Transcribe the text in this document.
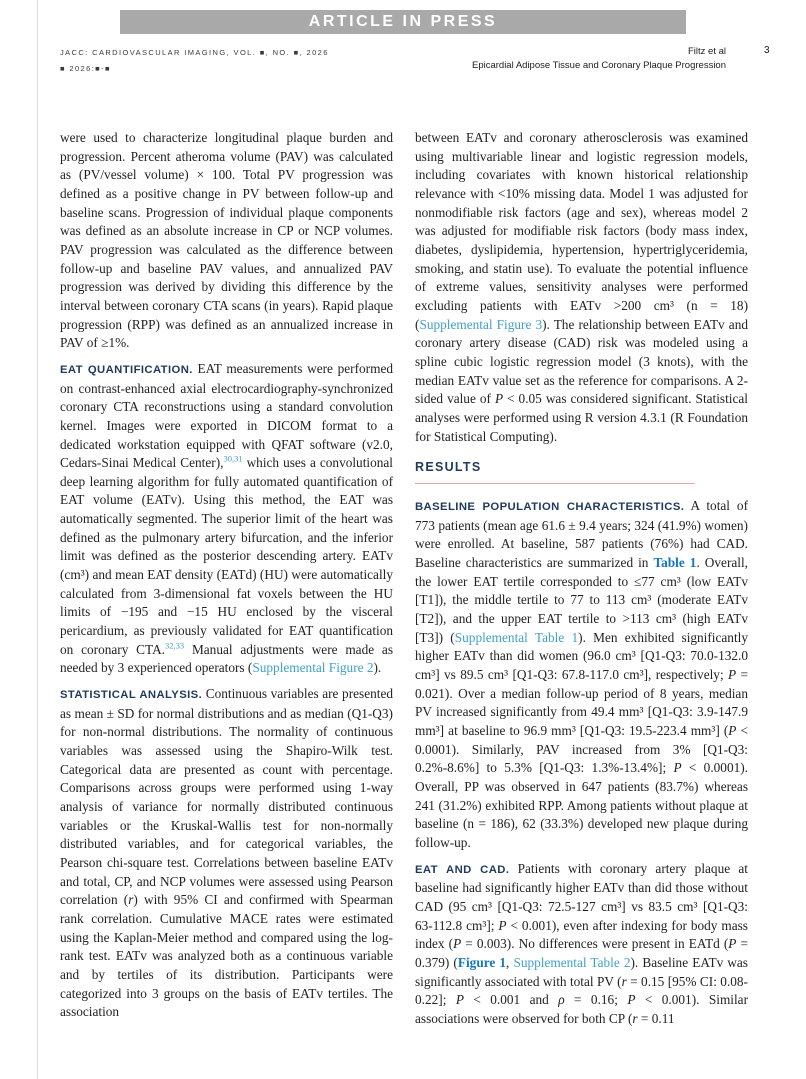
ARTICLE IN PRESS
JACC: CARDIOVASCULAR IMAGING, VOL. ■, NO. ■, 2026
■ 2026:■-■
Filtz et al
Epicardial Adipose Tissue and Coronary Plaque Progression
3

were used to characterize longitudinal plaque burden and progression. Percent atheroma volume (PAV) was calculated as (PV/vessel volume) × 100. Total PV progression was defined as a positive change in PV between follow-up and baseline scans. Progression of individual plaque components was defined as an absolute increase in CP or NCP volumes. PAV progression was calculated as the difference between follow-up and baseline PAV values, and annualized PAV progression was derived by dividing this difference by the interval between coronary CTA scans (in years). Rapid plaque progression (RPP) was defined as an annualized increase in PAV of ≥1%.

EAT QUANTIFICATION. EAT measurements were performed on contrast-enhanced axial electrocardiography-synchronized coronary CTA reconstructions using a standard convolution kernel. Images were exported in DICOM format to a dedicated workstation equipped with QFAT software (v2.0, Cedars-Sinai Medical Center),$^{30,31}$ which uses a convolutional deep learning algorithm for fully automated quantification of EAT volume (EATv). Using this method, the EAT was automatically segmented. The superior limit of the heart was defined as the pulmonary artery bifurcation, and the inferior limit was defined as the posterior descending artery. EATv (cm³) and mean EAT density (EATd) (HU) were automatically calculated from 3-dimensional fat voxels between the HU limits of −195 and −15 HU enclosed by the visceral pericardium, as previously validated for EAT quantification on coronary CTA.$^{32,33}$ Manual adjustments were made as needed by 3 experienced operators (Supplemental Figure 2).

STATISTICAL ANALYSIS. Continuous variables are presented as mean ± SD for normal distributions and as median (Q1-Q3) for non-normal distributions. The normality of continuous variables was assessed using the Shapiro-Wilk test. Categorical data are presented as count with percentage. Comparisons across groups were performed using 1-way analysis of variance for normally distributed continuous variables or the Kruskal-Wallis test for non-normally distributed variables, and for categorical variables, the Pearson chi-square test. Correlations between baseline EATv and total, CP, and NCP volumes were assessed using Pearson correlation (r) with 95% CI and confirmed with Spearman rank correlation. Cumulative MACE rates were estimated using the Kaplan-Meier method and compared using the log-rank test. EATv was analyzed both as a continuous variable and by tertiles of its distribution. Participants were categorized into 3 groups on the basis of EATv tertiles. The association

between EATv and coronary atherosclerosis was examined using multivariable linear and logistic regression models, including covariates with known historical relationship relevance with <10% missing data. Model 1 was adjusted for nonmodifiable risk factors (age and sex), whereas model 2 was adjusted for modifiable risk factors (body mass index, diabetes, dyslipidemia, hypertension, hypertriglyceridemia, smoking, and statin use). To evaluate the potential influence of extreme values, sensitivity analyses were performed excluding patients with EATv >200 cm³ (n = 18) (Supplemental Figure 3). The relationship between EATv and coronary artery disease (CAD) risk was modeled using a spline cubic logistic regression model (3 knots), with the median EATv value set as the reference for comparisons. A 2-sided value of P < 0.05 was considered significant. Statistical analyses were performed using R version 4.3.1 (R Foundation for Statistical Computing).

RESULTS

BASELINE POPULATION CHARACTERISTICS. A total of 773 patients (mean age 61.6 ± 9.4 years; 324 (41.9%) women) were enrolled. At baseline, 587 patients (76%) had CAD. Baseline characteristics are summarized in Table 1. Overall, the lower EAT tertile corresponded to ≤77 cm³ (low EATv [T1]), the middle tertile to 77 to 113 cm³ (moderate EATv [T2]), and the upper EAT tertile to >113 cm³ (high EATv [T3]) (Supplemental Table 1). Men exhibited significantly higher EATv than did women (96.0 cm³ [Q1-Q3: 70.0-132.0 cm³] vs 89.5 cm³ [Q1-Q3: 67.8-117.0 cm³], respectively; P = 0.021). Over a median follow-up period of 8 years, median PV increased significantly from 49.4 mm³ [Q1-Q3: 3.9-147.9 mm³] at baseline to 96.9 mm³ [Q1-Q3: 19.5-223.4 mm³] (P < 0.0001). Similarly, PAV increased from 3% [Q1-Q3: 0.2%-8.6%] to 5.3% [Q1-Q3: 1.3%-13.4%]; P < 0.0001). Overall, PP was observed in 647 patients (83.7%) whereas 241 (31.2%) exhibited RPP. Among patients without plaque at baseline (n = 186), 62 (33.3%) developed new plaque during follow-up.

EAT AND CAD. Patients with coronary artery plaque at baseline had significantly higher EATv than did those without CAD (95 cm³ [Q1-Q3: 72.5-127 cm³] vs 83.5 cm³ [Q1-Q3: 63-112.8 cm³]; P < 0.001), even after indexing for body mass index (P = 0.003). No differences were present in EATd (P = 0.379) (Figure 1, Supplemental Table 2). Baseline EATv was significantly associated with total PV (r = 0.15 [95% CI: 0.08-0.22]; P < 0.001 and ρ = 0.16; P < 0.001). Similar associations were observed for both CP (r = 0.11
